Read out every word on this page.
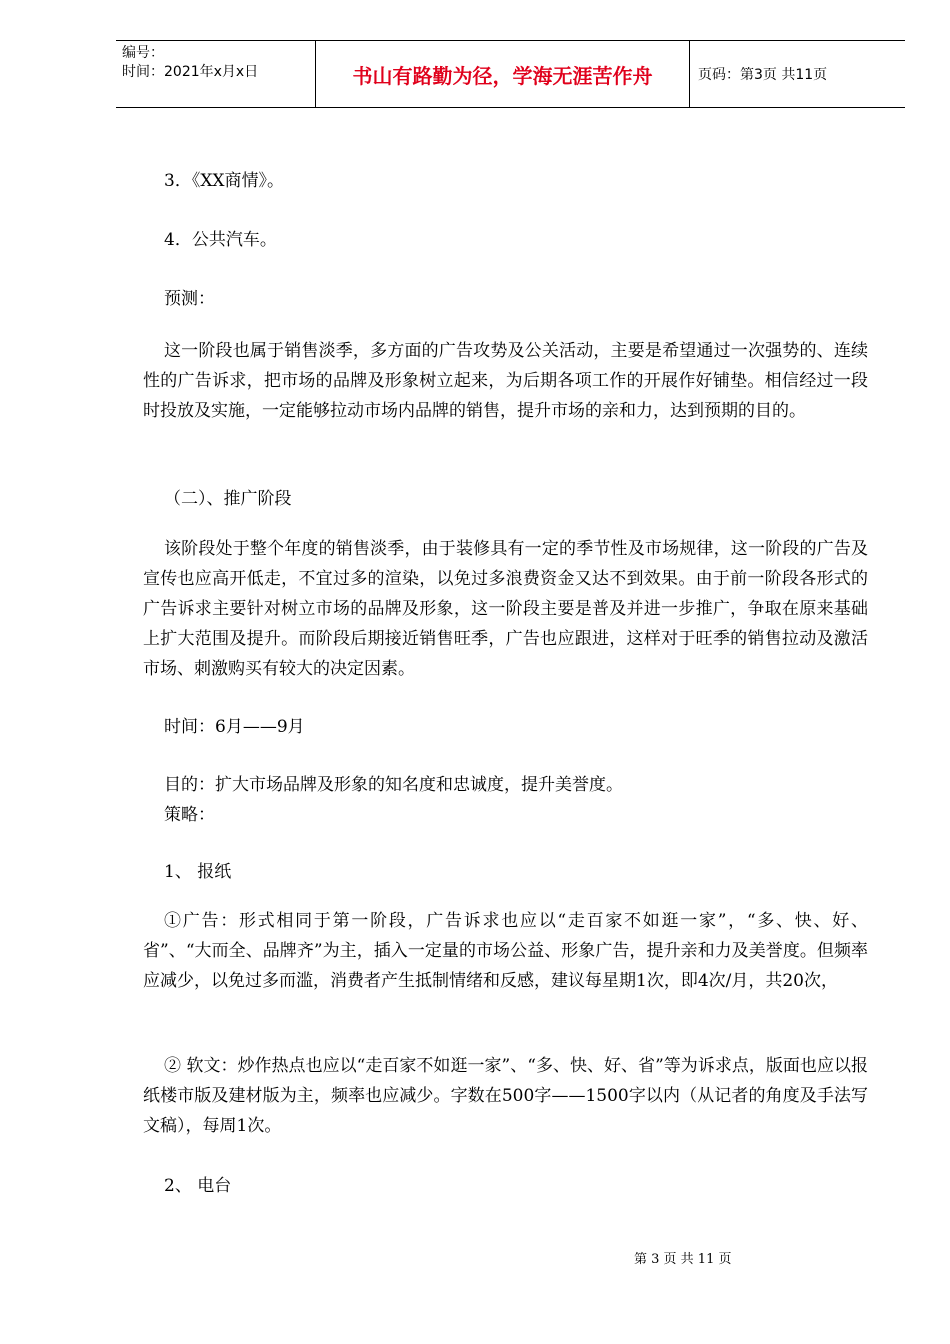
编号：
时间：2021年x月x日	书山有路勤为径，学海无涯苦作舟	页码：第3页 共11页
3．《XX商情》。
4．公共汽车。
预测：
这一阶段也属于销售淡季，多方面的广告攻势及公关活动，主要是希望通过一次强势的、连续性的广告诉求，把市场的品牌及形象树立起来，为后期各项工作的开展作好铺垫。相信经过一段时投放及实施，一定能够拉动市场内品牌的销售，提升市场的亲和力，达到预期的目的。
（二）、推广阶段
该阶段处于整个年度的销售淡季，由于装修具有一定的季节性及市场规律，这一阶段的广告及宣传也应高开低走，不宜过多的渲染，以免过多浪费资金又达不到效果。由于前一阶段各形式的广告诉求主要针对树立市场的品牌及形象，这一阶段主要是普及并进一步推广，争取在原来基础上扩大范围及提升。而阶段后期接近销售旺季，广告也应跟进，这样对于旺季的销售拉动及激活市场、刺激购买有较大的决定因素。
时间：6月——9月
目的：扩大市场品牌及形象的知名度和忠诚度，提升美誉度。
策略：
1、 报纸
①广告：形式相同于第一阶段，广告诉求也应以“走百家不如逛一家”，“多、快、好、省”、“大而全、品牌齐”为主，插入一定量的市场公益、形象广告，提升亲和力及美誉度。但频率应减少，以免过多而滥，消费者产生抵制情绪和反感，建议每星期1次，即4次/月，共20次，
② 软文：炒作热点也应以“走百家不如逛一家”、“多、快、好、省”等为诉求点，版面也应以报纸楼市版及建材版为主，频率也应减少。字数在500字——1500字以内（从记者的角度及手法写文稿），每周1次。
2、 电台
第 3 页 共 11 页
